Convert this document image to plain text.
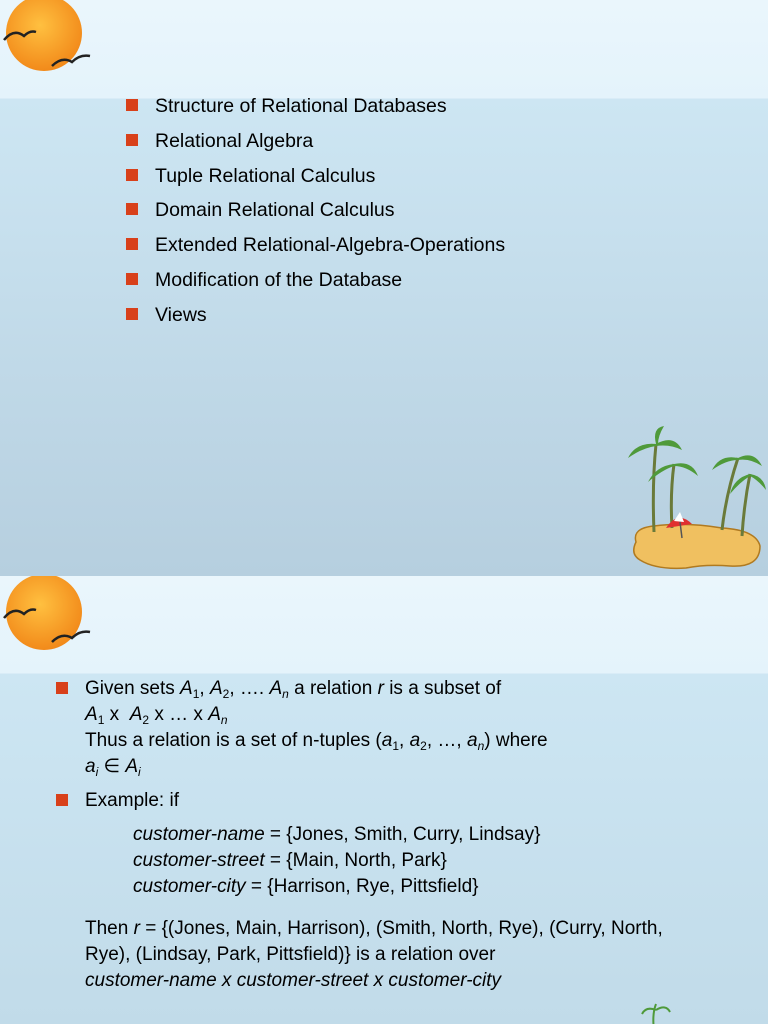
Structure of Relational Databases
Relational Algebra
Tuple Relational Calculus
Domain Relational Calculus
Extended Relational-Algebra-Operations
Modification of the Database
Views
Given sets $A_1$, $A_2$, …. $A_n$ a relation r is a subset of
$A_1$ x  $A_2$ x … x $A_n$
Thus a relation is a set of n-tuples ($a_1$, $a_2$, …, $a_n$) where
$a_i$ ∈ $A_i$
Example: if
customer-name = {Jones, Smith, Curry, Lindsay}
customer-street = {Main, North, Park}
customer-city = {Harrison, Rye, Pittsfield}
Then r = {(Jones, Main, Harrison), (Smith, North, Rye), (Curry, North, Rye), (Lindsay, Park, Pittsfield)} is a relation over
customer-name x customer-street x customer-city
